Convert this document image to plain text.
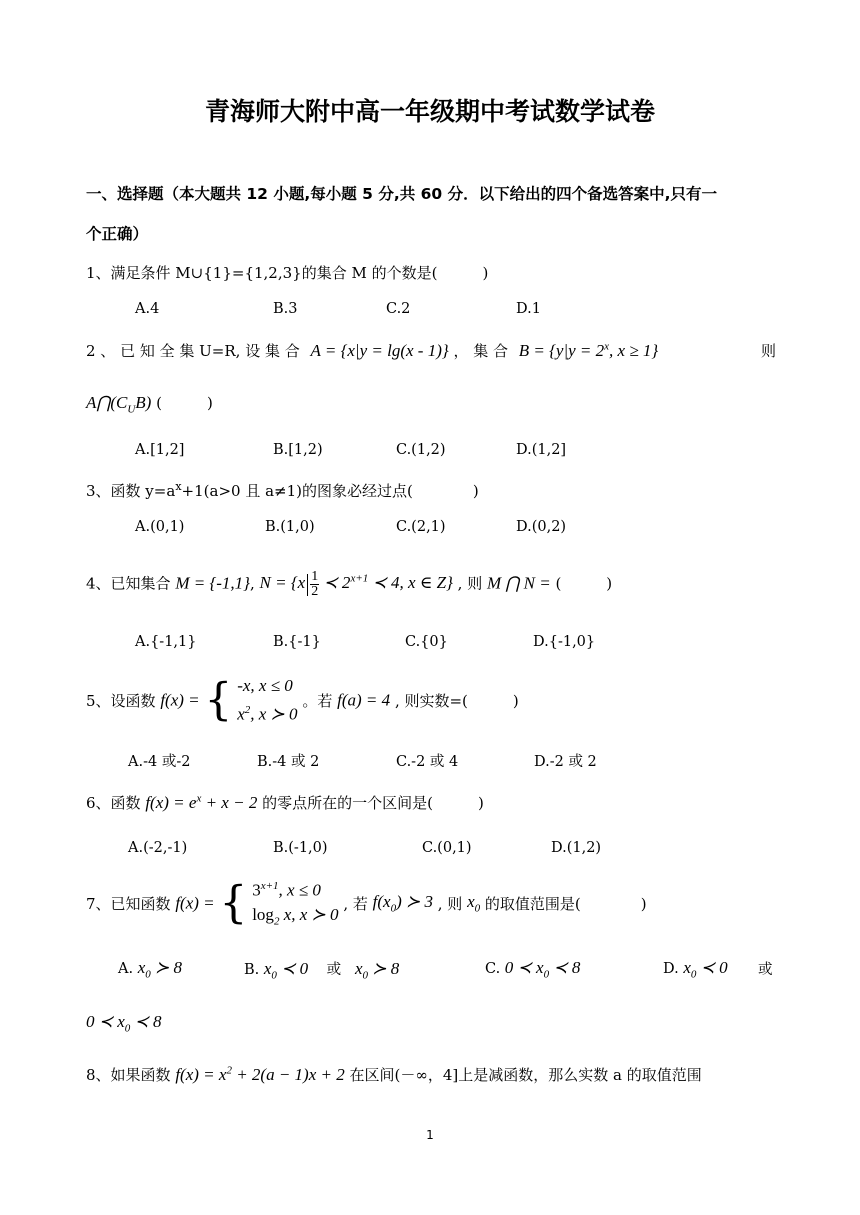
青海师大附中高一年级期中考试数学试卷
一、选择题（本大题共 12 小题,每小题 5 分,共 60 分．以下给出的四个备选答案中,只有一
个正确）
1、满足条件 M∪{1}={1,2,3}的集合 M 的个数是(　　　)
A.4	B.3	C.2	D.1
2 、 已 知 全 集 U=R, 设 集 合 A = {x|y = lg(x - 1)} ， 集 合 $B = \{y|y = 2^x$, x ≥ 1}	则
$A⋂(C_UB)$ (　　　)
A.[1,2]	B.[1,2)	C.(1,2)	D.(1,2]
3、函数 $y=a^x+1(a>0$ 且 a≠1)的图象必经过点(　　　　)
A.(0,1)	B.(1,0)	C.(2,1)	D.(0,2)
4、已知集合 M = {-1,1}, $N = \{x \frac{1}{2}$ ≺ $2^{x+1}$ ≺ 4, x ∈ Z} , 则 M ⋂ N = (　　　)
A.{-1,1}	B.{-1}	C.{0}	D.{-1,0}
5、设函数 f(x) = { -x, x ≤ 0
$x^2$, x ≻ 0
。若 f(a) = 4 , 则实数=(　　　)
A.-4 或-2	B.-4 或 2	C.-2 或 4	D.-2 或 2
6、函数 $f(x) = e^x + x - 2$ 的零点所在的一个区间是(　　　)
A.(-2,-1)	B.(-1,0)	C.(0,1)	D.(1,2)
7、已知函数 f(x) = { $3^{x+1}$, x ≤ 0
$\log_2 x$, x ≻ 0
, 若 $f(x_0)$ ≻ 3 , 则 $x_0$ 的取值范围是(　　　　)
A. $x_0$ ≻ 8	B. $x_0$ ≺ 0 或 $x_0$ ≻ 8	C. 0 ≺ $x_0$ ≺ 8	D. $x_0$ ≺ 0 或
0 ≺ $x_0$ ≺ 8
8、如果函数 $f(x) = x^2 + 2(a - 1)x + 2$ 在区间(－∞，4]上是减函数，那么实数 a 的取值范围
1
